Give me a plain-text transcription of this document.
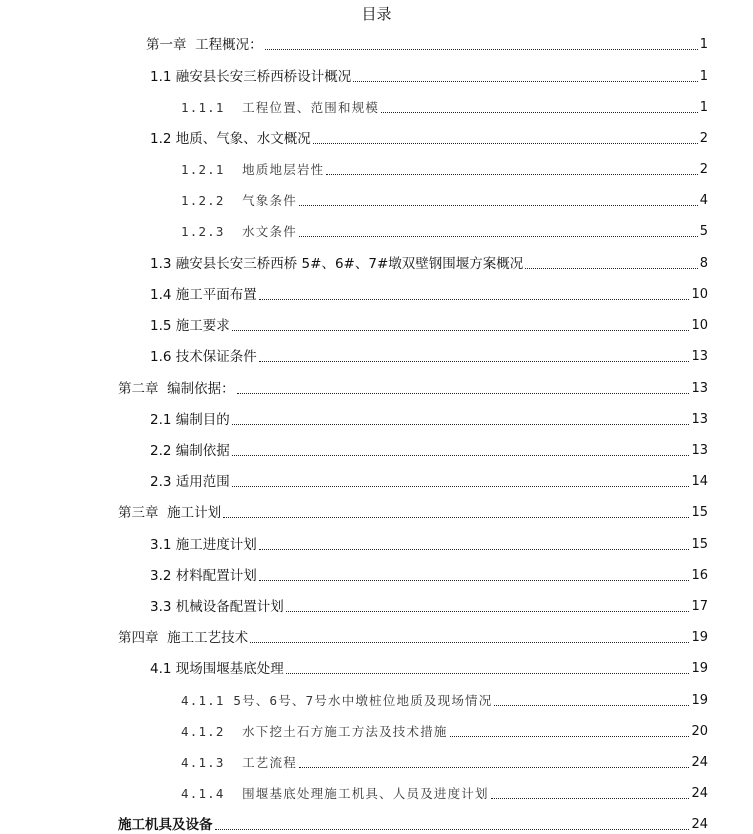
目录
第一章  工程概况：	1
1.1 融安县长安三桥西桥设计概况	1
1.1.1 工程位置、范围和规模	1
1.2 地质、气象、水文概况	2
1.2.1 地质地层岩性	2
1.2.2 气象条件	4
1.2.3 水文条件	5
1.3 融安县长安三桥西桥 5#、6#、7#墩双壁钢围堰方案概况	8
1.4 施工平面布置	10
1.5 施工要求	10
1.6 技术保证条件	13
第二章  编制依据：	13
2.1 编制目的	13
2.2 编制依据	13
2.3 适用范围	14
第三章  施工计划	15
3.1 施工进度计划	15
3.2 材料配置计划	16
3.3 机械设备配置计划	17
第四章  施工工艺技术	19
4.1 现场围堰基底处理	19
4.1.1 5号、6号、7号水中墩桩位地质及现场情况	19
4.1.2 水下挖土石方施工方法及技术措施	20
4.1.3 工艺流程	24
4.1.4 围堰基底处理施工机具、人员及进度计划	24
施工机具及设备	24
